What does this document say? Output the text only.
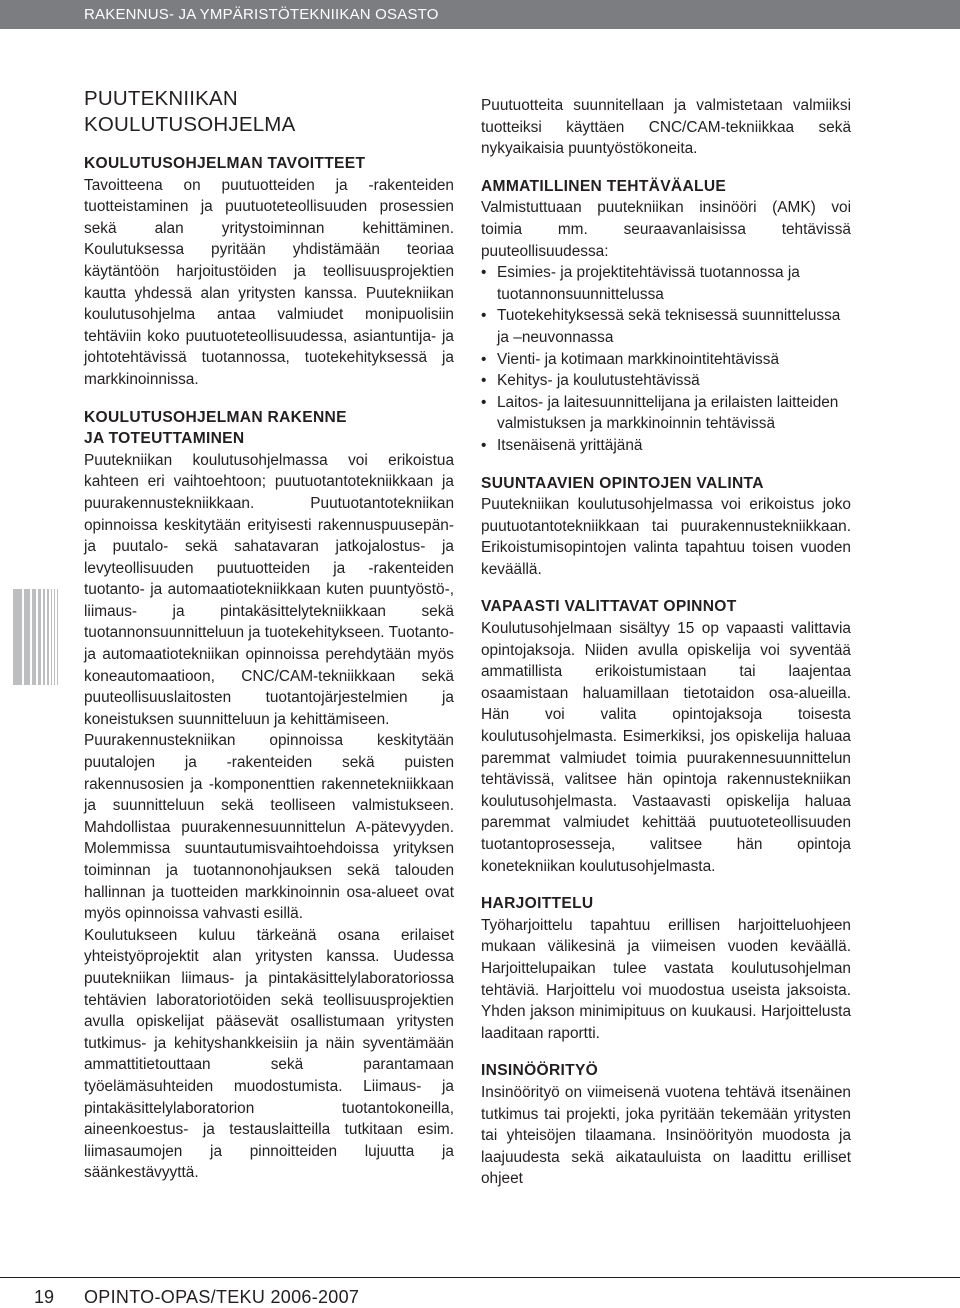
RAKENNUS- JA YMPÄRISTÖTEKNIIKAN OSASTO
PUUTEKNIIKAN
KOULUTUSOHJELMA
KOULUTUSOHJELMAN TAVOITTEET

Tavoitteena on puutuotteiden ja -rakenteiden tuotteistaminen ja puutuoteteollisuuden prosessien sekä alan yritystoiminnan kehittäminen. Koulutuksessa pyritään yhdistämään teoriaa käytäntöön harjoitustöiden ja teollisuusprojektien kautta yhdessä alan yritysten kanssa. Puutekniikan koulutusohjelma antaa valmiudet monipuolisiin tehtäviin koko puutuoteteollisuudessa, asiantuntija- ja johtotehtävissä tuotannossa, tuotekehityksessä ja markkinoinnissa.

KOULUTUSOHJELMAN RAKENNE
JA TOTEUTTAMINEN

Puutekniikan koulutusohjelmassa voi erikoistua kahteen eri vaihtoehtoon; puutuotantotekniikkaan ja puurakennustekniikkaan. Puutuotantotekniikan opinnoissa keskitytään erityisesti rakennuspuusepän- ja puutalo- sekä sahatavaran jatkojalostus- ja levyteollisuuden puutuotteiden ja -rakenteiden tuotanto- ja automaatiotekniikkaan kuten puuntyöstö-, liimaus- ja pintakäsittelytekniikkaan sekä tuotannonsuunnitteluun ja tuotekehitykseen. Tuotanto- ja automaatiotekniikan opinnoissa perehdytään myös koneautomaatioon, CNC/CAM-tekniikkaan sekä puuteollisuuslaitosten tuotantojärjestelmien ja koneistuksen suunnitteluun ja kehittämiseen.

Puurakennustekniikan opinnoissa keskitytään puutalojen ja -rakenteiden sekä puisten rakennusosien ja -komponenttien rakennetekniikkaan ja suunnitteluun sekä teolliseen valmistukseen. Mahdollistaa puurakennesuunnittelun A-pätevyyden. Molemmissa suuntautumisvaihtoehdoissa yrityksen toiminnan ja tuotannonohjauksen sekä talouden hallinnan ja tuotteiden markkinoinnin osa-alueet ovat myös opinnoissa vahvasti esillä.

Koulutukseen kuluu tärkeänä osana erilaiset yhteistyöprojektit alan yritysten kanssa. Uudessa puutekniikan liimaus- ja pintakäsittelylaboratoriossa tehtävien laboratoriotöiden sekä teollisuusprojektien avulla opiskelijat pääsevät osallistumaan yritysten tutkimus- ja kehityshankkeisiin ja näin syventämään ammattitietouttaan sekä parantamaan työelämäsuhteiden muodostumista. Liimaus- ja pintakäsittelylaboratorion tuotantokoneilla, aineenkoestus- ja testauslaitteilla tutkitaan esim. liimasaumojen ja pinnoitteiden lujuutta ja säänkestävyyttä.

Puutuotteita suunnitellaan ja valmistetaan valmiiksi tuotteiksi käyttäen CNC/CAM-tekniikkaa sekä nykyaikaisia puuntyöstökoneita.

AMMATILLINEN TEHTÄVÄALUE

Valmistuttuaan puutekniikan insinööri (AMK) voi toimia mm. seuraavanlaisissa tehtävissä puuteollisuudessa:

• Esimies- ja projektitehtävissä tuotannossa ja tuotannonsuunnittelussa
• Tuotekehityksessä sekä teknisessä suunnittelussa ja –neuvonnassa
• Vienti- ja kotimaan markkinointitehtävissä
• Kehitys- ja koulutustehtävissä
• Laitos- ja laitesuunnittelijana ja erilaisten laitteiden valmistuksen ja markkinoinnin tehtävissä
• Itsenäisenä yrittäjänä
SUUNTAAVIEN OPINTOJEN VALINTA

Puutekniikan koulutusohjelmassa voi erikoistus joko puutuotantotekniikkaan tai puurakennustekniikkaan. Erikoistumisopintojen valinta tapahtuu toisen vuoden keväällä.

VAPAASTI VALITTAVAT OPINNOT

Koulutusohjelmaan sisältyy 15 op vapaasti valittavia opintojaksoja. Niiden avulla opiskelija voi syventää ammatillista erikoistumistaan tai laajentaa osaamistaan haluamillaan tietotaidon osa-alueilla. Hän voi valita opintojaksoja toisesta koulutusohjelmasta. Esimerkiksi, jos opiskelija haluaa paremmat valmiudet toimia puurakennesuunnittelun tehtävissä, valitsee hän opintoja rakennustekniikan koulutusohjelmasta. Vastaavasti opiskelija haluaa paremmat valmiudet kehittää puutuoteteollisuuden tuotantoprosesseja, valitsee hän opintoja konetekniikan koulutusohjelmasta.

HARJOITTELU

Työharjoittelu tapahtuu erillisen harjoitteluohjeen mukaan välikesinä ja viimeisen vuoden keväällä. Harjoittelupaikan tulee vastata koulutusohjelman tehtäviä. Harjoittelu voi muodostua useista jaksoista. Yhden jakson minimipituus on kuukausi. Harjoittelusta laaditaan raportti.

INSINÖÖRITYÖ

Insinöörityö on viimeisenä vuotena tehtävä itsenäinen tutkimus tai projekti, joka pyritään tekemään yritysten tai yhteisöjen tilaamana. Insinöörityön muodosta ja laajuudesta sekä aikatauluista on laadittu erilliset ohjeet

19 OPINTO-OPAS/TEKU 2006-2007
